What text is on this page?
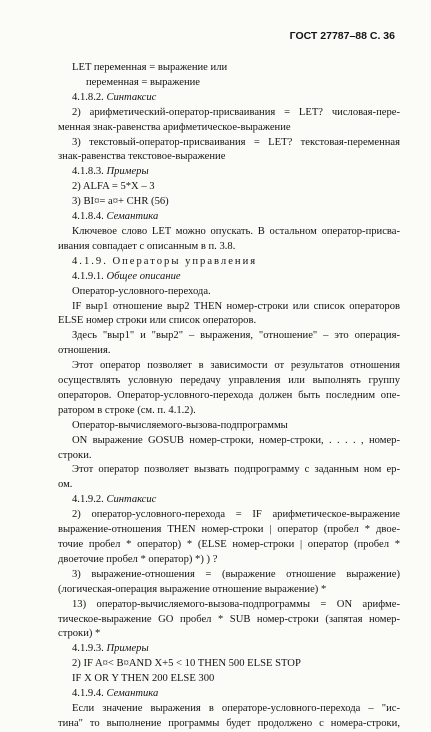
ГОСТ 27787–88 С. 36
LET переменная = выражение или
переменная = выражение
4.1.8.2. Синтаксис
2) арифметический-оператор-присваивания = LET? числовая-пере-
менная знак-равенства арифметическое-выражение
3) текстовый-оператор-присваивания = LET? текстовая-переменная
знак-равенства текстовое-выражение
4.1.8.3. Примеры
2) ALFA = 5*X – 3
3) BI¤= a¤+ CHR (56)
4.1.8.4. Семантика
Ключевое слово LET можно опускать. В остальном оператор-присва-
ивания совпадает с описанным в п. 3.8.
4.1.9. Операторы управления
4.1.9.1. Общее описание
Оператор-условного-перехода.
IF выр1 отношение выр2 THEN номер-строки или список операторов
ELSE номер строки или список операторов.
Здесь "выр1" и "выр2" – выражения, "отношение" – это операция-
отношения.
Этот оператор позволяет в зависимости от результатов отношения
осуществлять условную передачу управления или выполнять группу
операторов. Оператор-условного-перехода должен быть последним опе-
ратором в строке (см. п. 4.1.2).
Оператор-вычисляемого-вызова-подпрограммы
ON выражение GOSUB номер-строки, номер-строки, . . . . , номер-
строки.
Этот оператор позволяет вызвать подпрограмму с заданным ном ер-
ом.
4.1.9.2. Синтаксис
2) оператор-условного-перехода = IF арифметическое-выражение
выражение-отношения THEN номер-строки | оператор (пробел * двое-
точие пробел * оператор) * (ELSE номер-строки | оператор (пробел *
двоеточие пробел * оператор) *) ) ?
3) выражение-отношения = (выражение отношение выражение)
(логическая-операция выражение отношение выражение) *
13) оператор-вычисляемого-вызова-подпрограммы = ON арифме-
тическое-выражение GO пробел * SUB номер-строки (запятая номер-
строки) *
4.1.9.3. Примеры
2) IF A¤< B¤AND X+5 < 10 THEN 500 ELSE STOP
IF X OR Y THEN 200 ELSE 300
4.1.9.4. Семантика
Если значение выражения в операторе-условного-перехода – "ис-
тина" то выполнение программы будет продолжено с номера-строки,
